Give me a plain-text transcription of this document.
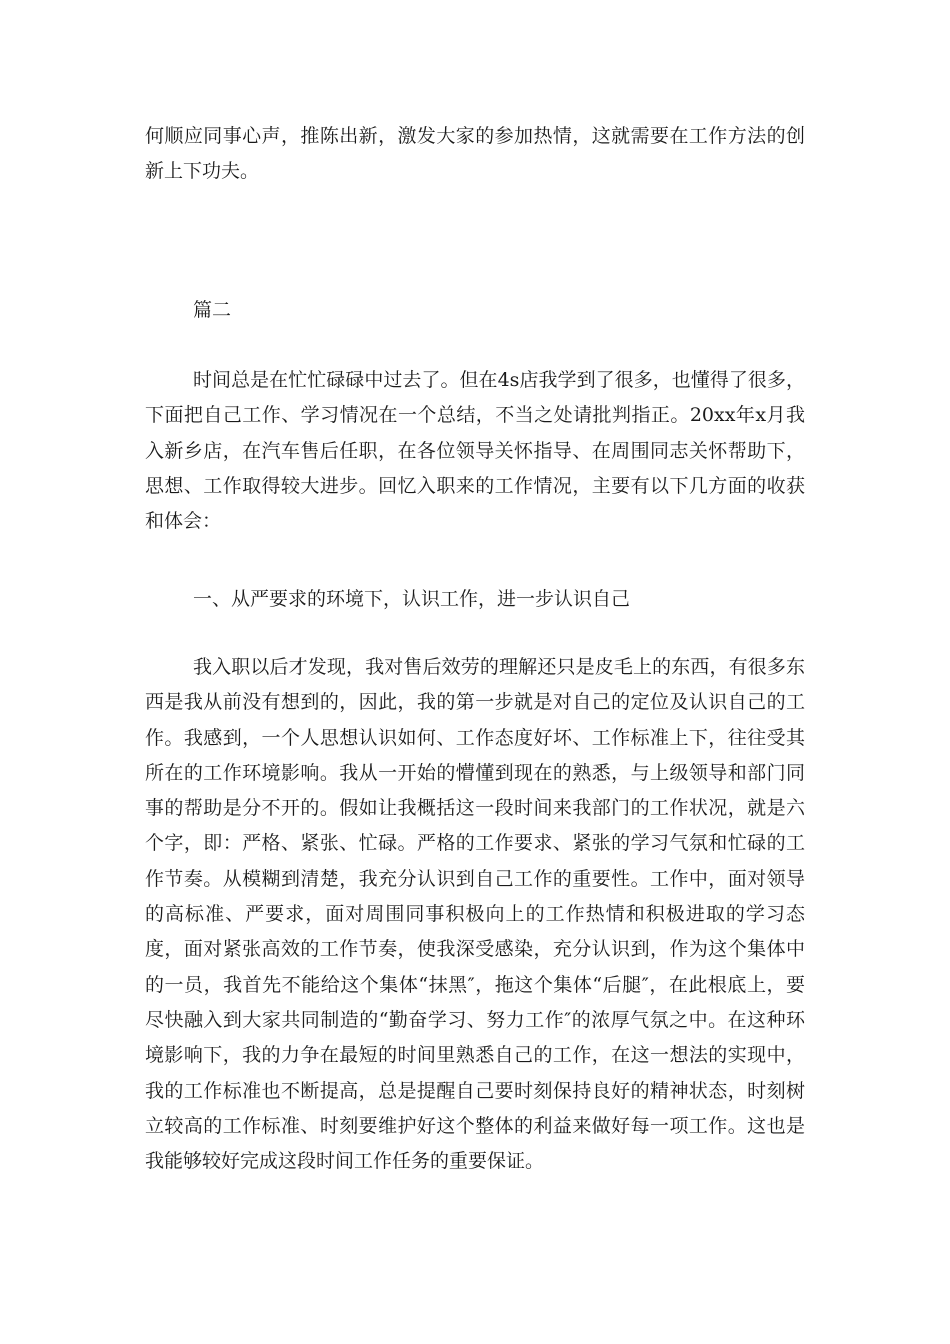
何顺应同事心声，推陈出新，激发大家的参加热情，这就需要在工作方法的创新上下功夫。

篇二

时间总是在忙忙碌碌中过去了。但在4s店我学到了很多，也懂得了很多，下面把自己工作、学习情况在一个总结，不当之处请批判指正。20xx年x月我入新乡店，在汽车售后任职，在各位领导关怀指导、在周围同志关怀帮助下，思想、工作取得较大进步。回忆入职来的工作情况，主要有以下几方面的收获和体会：

一、从严要求的环境下，认识工作，进一步认识自己

我入职以后才发现，我对售后效劳的理解还只是皮毛上的东西，有很多东西是我从前没有想到的，因此，我的第一步就是对自己的定位及认识自己的工作。我感到，一个人思想认识如何、工作态度好坏、工作标准上下，往往受其所在的工作环境影响。我从一开始的懵懂到现在的熟悉，与上级领导和部门同事的帮助是分不开的。假如让我概括这一段时间来我部门的工作状况，就是六个字，即：严格、紧张、忙碌。严格的工作要求、紧张的学习气氛和忙碌的工作节奏。从模糊到清楚，我充分认识到自己工作的重要性。工作中，面对领导的高标准、严要求，面对周围同事积极向上的工作热情和积极进取的学习态度，面对紧张高效的工作节奏，使我深受感染，充分认识到，作为这个集体中的一员，我首先不能给这个集体“抹黑″，拖这个集体“后腿″，在此根底上，要尽快融入到大家共同制造的“勤奋学习、努力工作″的浓厚气氛之中。在这种环境影响下，我的力争在最短的时间里熟悉自己的工作，在这一想法的实现中，我的工作标准也不断提高，总是提醒自己要时刻保持良好的精神状态，时刻树立较高的工作标准、时刻要维护好这个整体的利益来做好每一项工作。这也是我能够较好完成这段时间工作任务的重要保证。
